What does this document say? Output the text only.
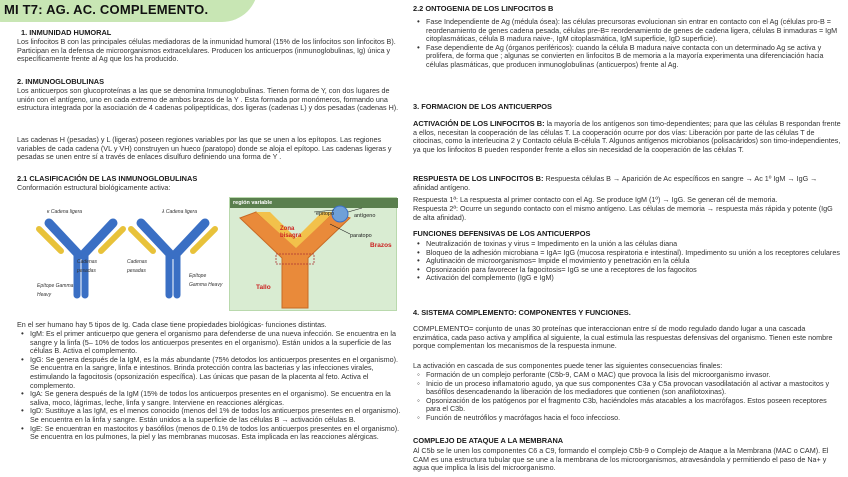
MI T7: AG. AC. COMPLEMENTO.
1. INMUNIDAD HUMORAL
Los linfocitos B con las principales células mediadoras de la inmunidad humoral (15% de los linfocitos son linfocitos B). Participan en la defensa de microorganismos extracelulares. Producen los anticuerpos (inmunoglobulinas, Ig) única y específicamente frente al Ag que los ha producido.
2. INMUNOGLOBULINAS
Los anticuerpos son glucoproteínas a las que se denomina Inmunoglobulinas. Tienen forma de Y, con dos lugares de unión con el antígeno, uno en cada extremo de ambos brazos de la Y . Esta formada por monómeros, formando una estructura integrada por la asociación de 4 cadenas polipeptídicas, dos ligeras (cadenas L) y dos pesadas (cadenas H).
Las cadenas H (pesadas) y L (ligeras) poseen regiones variables por las que se unen a los epítopos. Las regiones variables de cada cadena (VL y VH) construyen un hueco (paratopo) donde se aloja el epítopo. Las cadenas ligeras y pesadas se unen entre sí a través de enlaces disulfuro definiendo una forma de Y .
2.1 CLASIFICACIÓN DE LAS INMUNOGLOBULINAS
Conformación estructural biológicamente activa:
κ Cadena ligera	λ Cadena ligera
Cadenas pesadas
Cadenas pesadas
Epítope Gamma Heavy
Epítope Gamma Heavy
región variable
epitopo	antígeno
Zona bisagra	paratopo
Brazos
Tallo
En el ser humano hay 5 tipos de Ig. Cada clase tiene propiedades biológicas- funciones distintas.
• IgM: Es el primer anticuerpo que genera el organismo para defenderse de una nueva infección. Se encuentra en la sangre y la linfa (5– 10% de todos los anticuerpos presentes en el organismo). Están unidos a la superficie de las células B. Activa el complemento.
• IgG: Se genera después de la IgM, es la más abundante (75% detodos los anticuerpos presentes en el organismo). Se encuentra en la sangre, linfa e intestinos. Brinda protección contra las bacterias y las infecciones virales, estimulando la fagocitosis (opsonización específica). Las únicas que pasan de la placenta al feto. Activa el complemento.
• IgA: Se genera después de la IgM (15% de todos los anticuerpos presentes en el organismo). Se encuentra en la saliva, moco, lágrimas, leche, linfa y sangre. Interviene en reacciones alérgicas.
• IgD: Sustituye a las IgM, es el menos conocido (menos del 1% de todos los anticuerpos presentes en el organismo). Se encuentra en la linfa y sangre. Están unidos a la superficie de las células B → activación células B.
• IgE: Se encuentran en mastocitos y basófilos (menos de 0.1% de todos los anticuerpos presentes en el organismo). Se encuentra en los pulmones, la piel y las membranas mucosas. Esta implicada en las reacciones alérgicas.
2.2 ONTOGENIA DE LOS LINFOCITOS B
• Fase Independiente de Ag (médula ósea): las células precursoras evolucionan sin entrar en contacto con el Ag (células pro-B = reordenamiento de genes cadena pesada, células pre-B= reordenamiento de genes de cadena ligera, células B inmaduras = IgM citoplasmáticas, célula B madura naive-, IgM citoplasmática, IgM superficie, IgD superficie).
• Fase dependiente de Ag (órganos periféricos): cuando la célula B madura naive contacta con un determinado Ag se activa y prolifera, de forma que ; algunas se convierten en linfocitos B de memoria a la mayoría experimenta una diferenciación hacia células plasmáticas, que producen inmunoglobulinas (anticuerpos) frente al Ag.
3. FORMACION DE LOS ANTICUERPOS
ACTIVACIÓN DE LOS LINFOCITOS B: la mayoría de los antígenos son timo-dependientes; para que las células B respondan frente a ellos, necesitan la cooperación de las células T. La cooperación ocurre por dos vías: Liberación por parte de las células T de citocinas, como la interleucina 2 y Contacto célula B-célula T. Algunos antígenos microbianos (polisacáridos) son timo-independientes, ya que los linfocitos B pueden responder frente a ellos sin necesidad de la cooperación de las células T.
RESPUESTA DE LOS LINFOCITOS B: Respuesta células B → Aparición de Ac específicos en sangre → Ac 1º IgM → IgG → afinidad antígeno.
Respuesta 1ª: La respuesta al primer contacto con el Ag. Se produce IgM (1º) → IgG. Se generan cél de memoria.
Respuesta 2ª: Ocurre un segundo contacto con el mismo antígeno. Las células de memoria → respuesta más rápida y potente (IgG de alta afinidad).
FUNCIONES DEFENSIVAS DE LOS ANTICUERPOS
• Neutralización de toxinas y virus = Impedimento en la unión a las células diana
• Bloqueo de la adhesión microbiana = IgA= IgG (mucosa respiratoria e intestinal). Impedimento su unión a los receptores celulares
• Aglutinación de microorganismos= Impide el movimiento y penetración en la célula
• Opsonización para favorecer la fagocitosis= IgG se une a receptores de los fagocitos
• Activación del complemento (IgG e IgM)
4. SISTEMA COMPLEMENTO: COMPONENTES Y FUNCIONES.
COMPLEMENTO= conjunto de unas 30 proteínas que interaccionan entre sí de modo regulado dando lugar a una cascada enzimática, cada paso activa y amplifica al siguiente, la cual estimula las respuestas defensivas del organismo. Tienen este nombre porque complementan los mecanismos de la respuesta inmune.
La activación en cascada de sus componentes puede tener las siguientes consecuencias finales:
◦ Formación de un complejo perforante (C5b-9, CAM o MAC) que provoca la lisis del microorganismo invasor.
◦ Inicio de un proceso inflamatorio agudo, ya que sus componentes C3a y C5a provocan vasodilatación al activar a mastocitos y basófilos desencadenando la liberación de los mediadores que contienen (son anafilotoxinas).
◦ Opsonización de los patógenos por el fragmento C3b, haciéndoles más atacables a los macrófagos. Estos poseen receptores para el C3b.
◦ Función de neutrófilos y macrófagos hacia el foco infeccioso.
COMPLEJO DE ATAQUE A LA MEMBRANA
Al C5b se le unen los componentes C6 a C9, formando el complejo C5b-9 o Complejo de Ataque a la Membrana (MAC o CAM). El CAM es una estructura tubular que se une a la membrana de los microorganismos, atravesándola y permitiendo el paso de Na+ y agua que implica la lisis del microorganismo.
